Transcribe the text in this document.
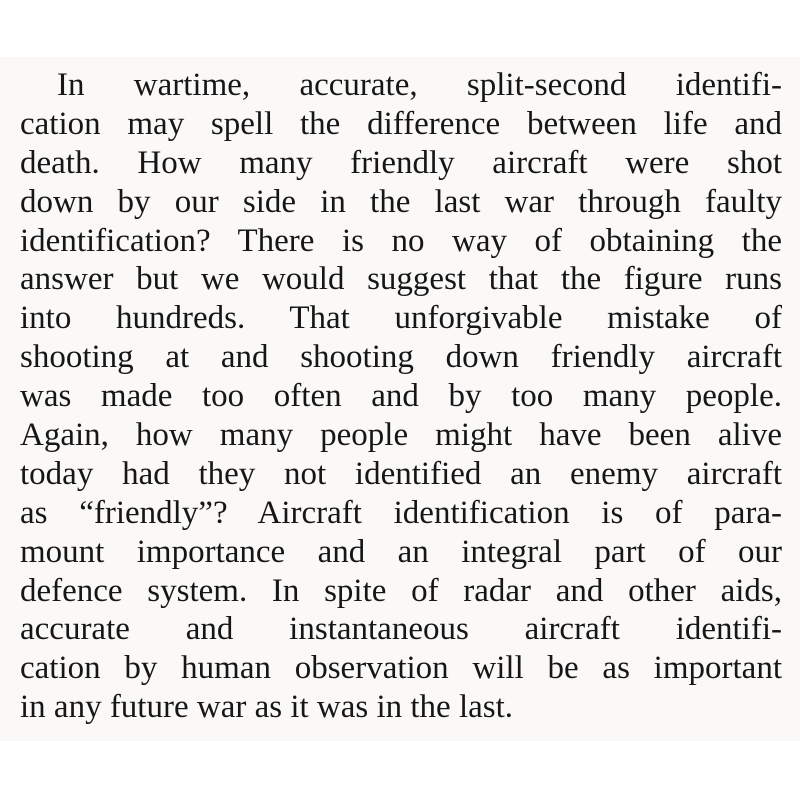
In wartime, accurate, split-second identifi-
cation may spell the difference between life and
death. How many friendly aircraft were shot
down by our side in the last war through faulty
identification? There is no way of obtaining the
answer but we would suggest that the figure runs
into hundreds. That unforgivable mistake of
shooting at and shooting down friendly aircraft
was made too often and by too many people.
Again, how many people might have been alive
today had they not identified an enemy aircraft
as “friendly”? Aircraft identification is of para-
mount importance and an integral part of our
defence system. In spite of radar and other aids,
accurate and instantaneous aircraft identifi-
cation by human observation will be as important
in any future war as it was in the last.
